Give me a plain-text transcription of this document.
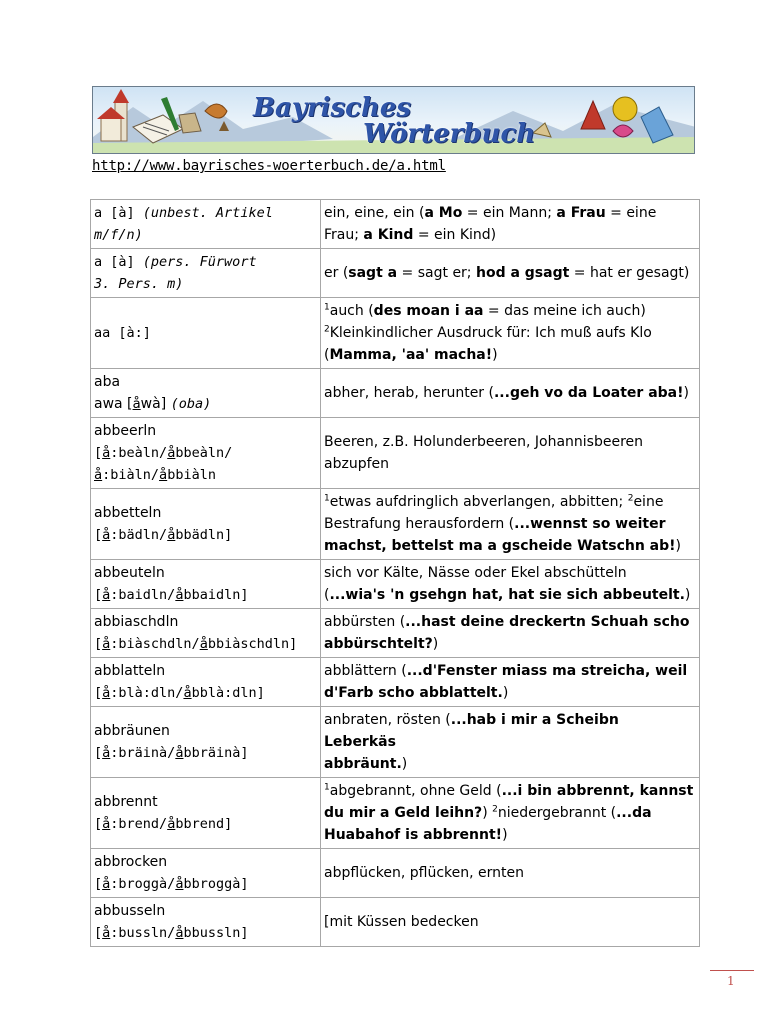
Bayrisches
Wörterbuch
http://www.bayrisches-woerterbuch.de/a.html
a [à] (unbest. Artikel
m/f/n)	ein, eine, ein (a Mo = ein Mann; a Frau = eine
Frau; a Kind = ein Kind)
a [à] (pers. Fürwort
3. Pers. m)	er (sagt a = sagt er; hod a gsagt = hat er gesagt)
aa [à:]	$^1$auch (des moan i aa = das meine ich auch)
$^2$Kleinkindlicher Ausdruck für: Ich muß aufs Klo
(Mamma, 'aa' macha!)
aba
awa [åwà] (oba)	abher, herab, herunter (...geh vo da Loater aba!)
abbeerln
[å:beàln/åbbeàln/
å:biàln/åbbiàln	Beeren, z.B. Holunderbeeren, Johannisbeeren
abzupfen
abbetteln
[å:bädln/åbbädln]	$^1$etwas aufdringlich abverlangen, abbitten; $^2$eine
Bestrafung herausfordern (...wennst so weiter
machst, bettelst ma a gscheide Watschn ab!)
abbeuteln
[å:baidln/åbbaidln]	sich vor Kälte, Nässe oder Ekel abschütteln
(...wia's 'n gsehgn hat, hat sie sich abbeutelt.)
abbiaschdln
[å:biàschdln/åbbiàschdln]	abbürsten (...hast deine dreckertn Schuah scho
abbürschtelt?)
abblatteln
[å:blà:dln/åbblà:dln]	abblättern (...d'Fenster miass ma streicha, weil
d'Farb scho abblattelt.)
abbräunen
[å:bräinà/åbbräinà]	anbraten, rösten (...hab i mir a Scheibn Leberkäs
abbräunt.)
abbrennt
[å:brend/åbbrend]	$^1$abgebrannt, ohne Geld (...i bin abbrennt, kannst
du mir a Geld leihn?) $^2$niedergebrannt (...da
Huabahof is abbrennt!)
abbrocken
[å:broggà/åbbroggà]	abpflücken, pflücken, ernten
abbusseln
[å:bussln/åbbussln]	[mit Küssen bedecken
1
